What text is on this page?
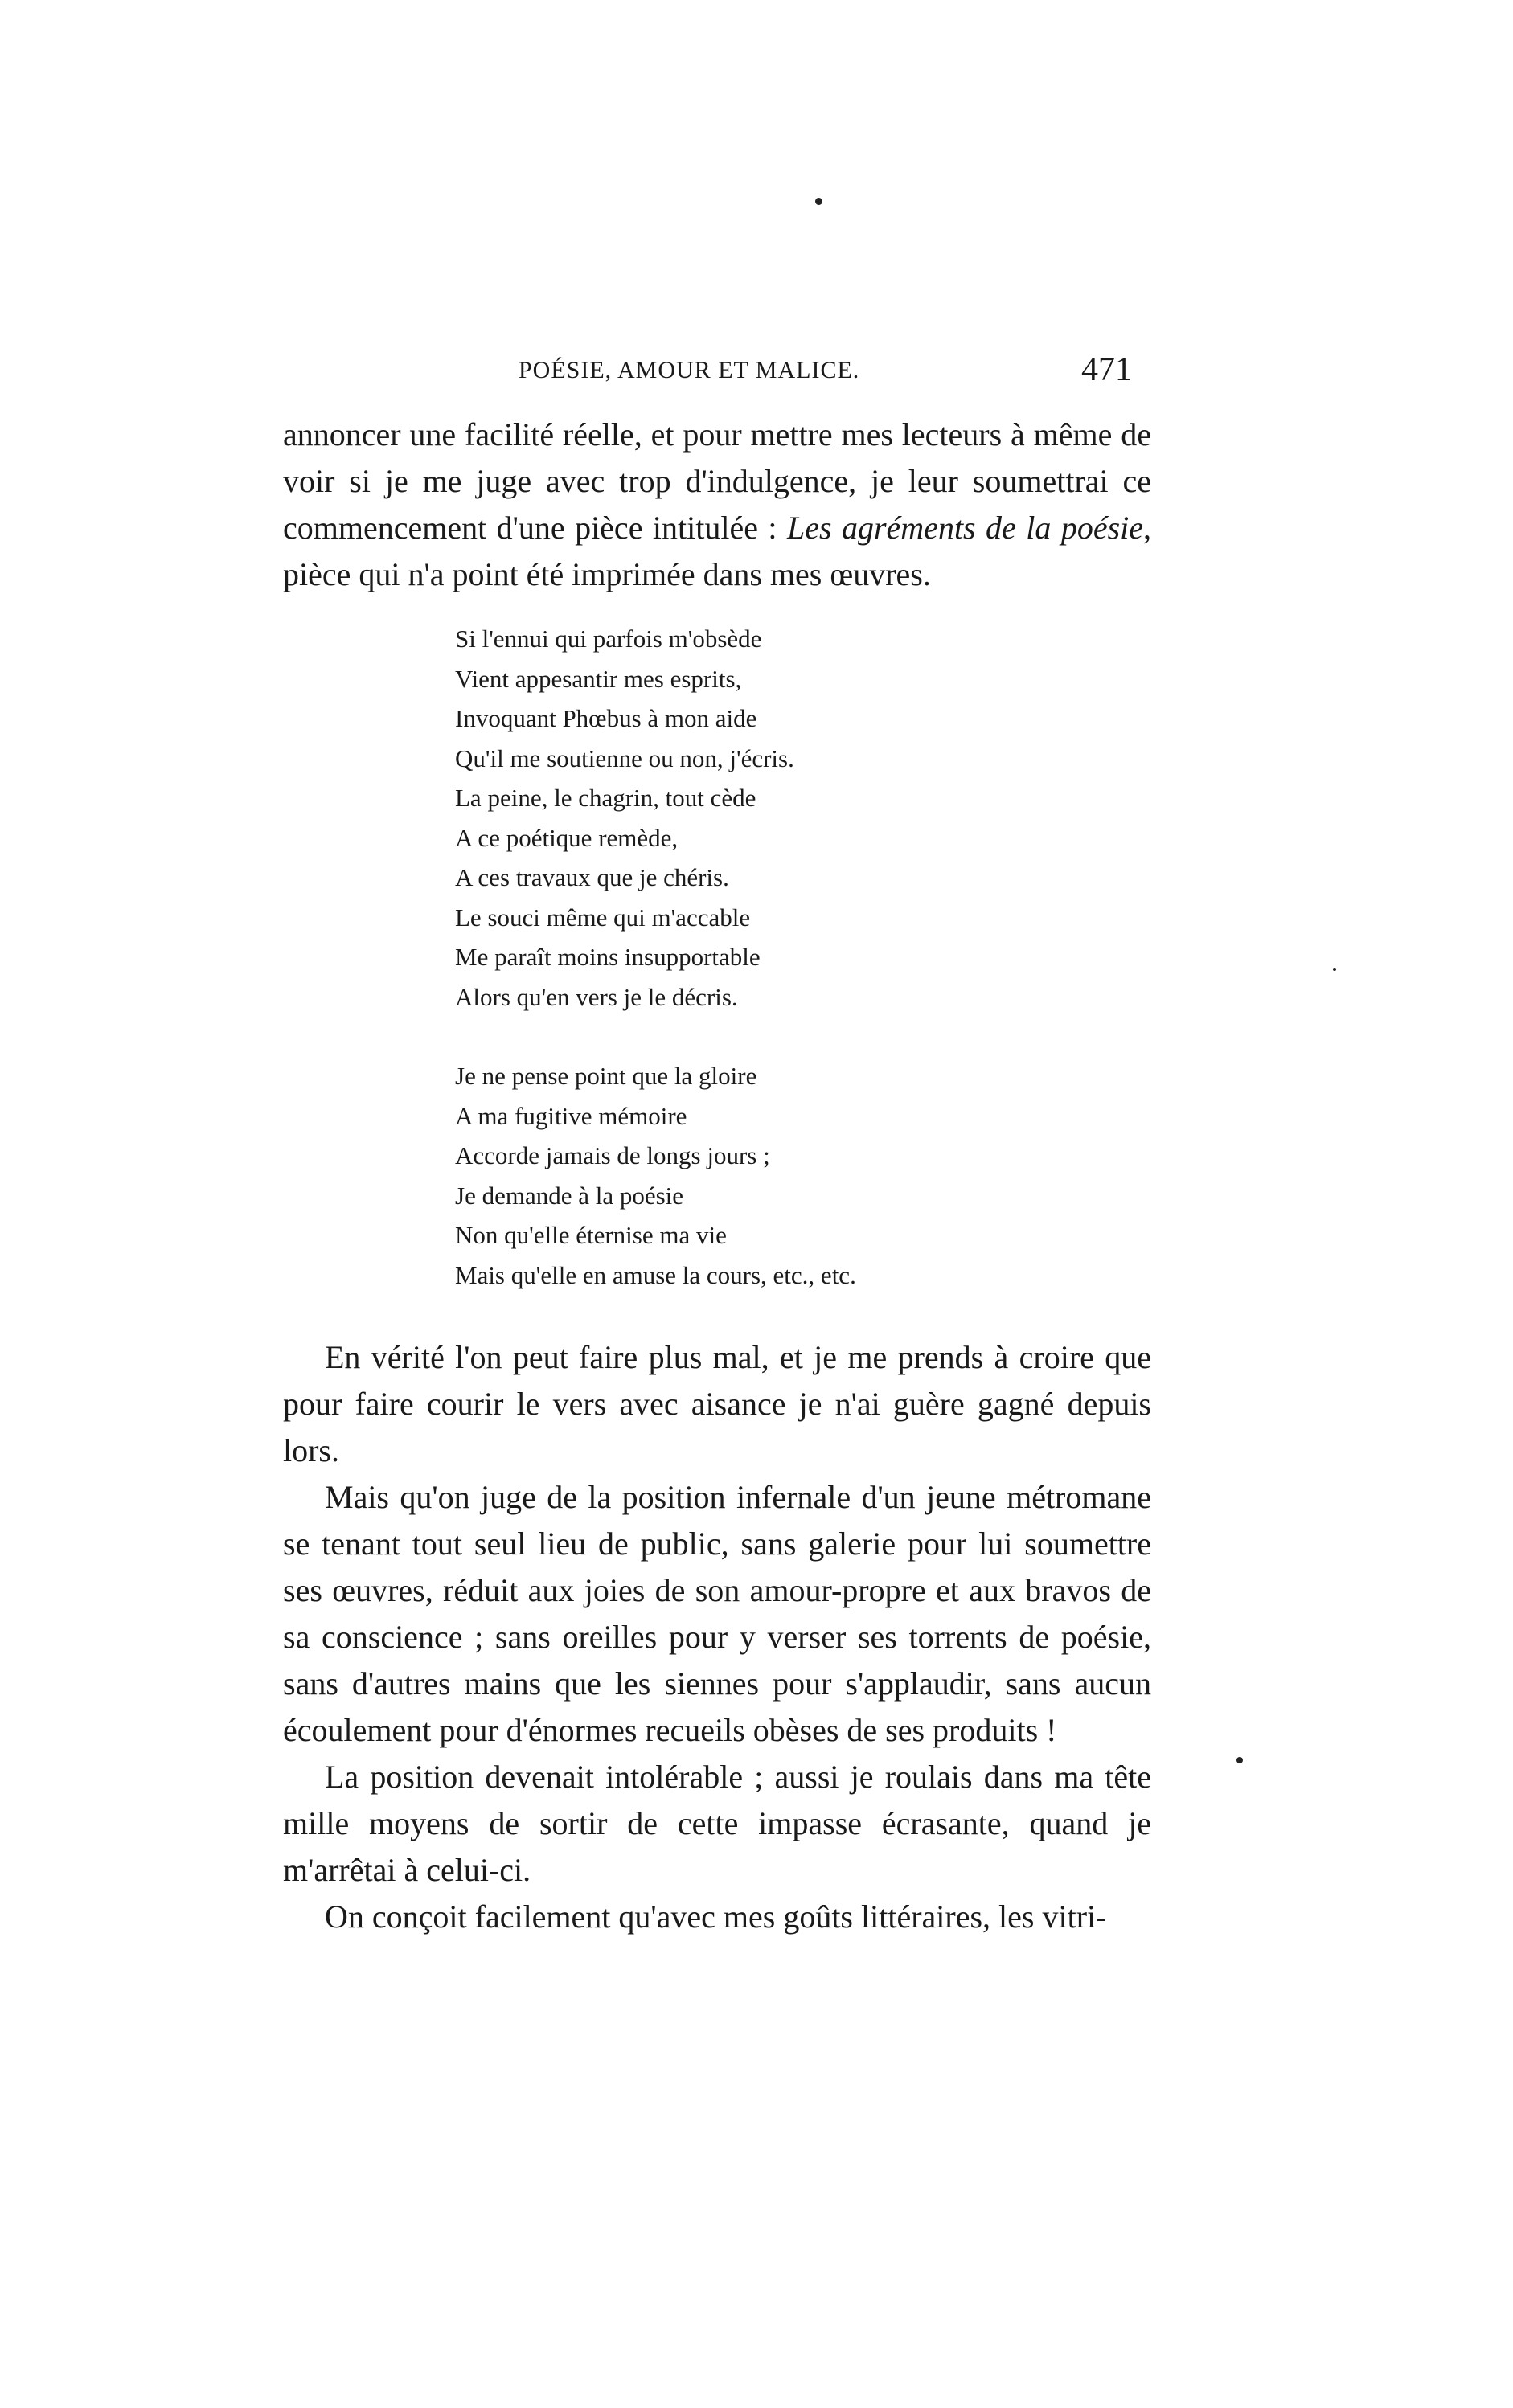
POÉSIE, AMOUR ET MALICE.	471

annoncer une facilité réelle, et pour mettre mes lecteurs à même de voir si je me juge avec trop d'indulgence, je leur soumettrai ce commencement d'une pièce intitulée : Les agréments de la poésie, pièce qui n'a point été imprimée dans mes œuvres.

Si l'ennui qui parfois m'obsède
Vient appesantir mes esprits,
Invoquant Phœbus à mon aide
Qu'il me soutienne ou non, j'écris.
La peine, le chagrin, tout cède
A ce poétique remède,
A ces travaux que je chéris.
Le souci même qui m'accable
Me paraît moins insupportable
Alors qu'en vers je le décris.
Je ne pense point que la gloire
A ma fugitive mémoire
Accorde jamais de longs jours ;
Je demande à la poésie
Non qu'elle éternise ma vie
Mais qu'elle en amuse la cours, etc., etc.

En vérité l'on peut faire plus mal, et je me prends à croire que pour faire courir le vers avec aisance je n'ai guère gagné depuis lors.

Mais qu'on juge de la position infernale d'un jeune métromane se tenant tout seul lieu de public, sans galerie pour lui soumettre ses œuvres, réduit aux joies de son amour-propre et aux bravos de sa conscience ; sans oreilles pour y verser ses torrents de poésie, sans d'autres mains que les siennes pour s'applaudir, sans aucun écoulement pour d'énormes recueils obèses de ses produits !

La position devenait intolérable ; aussi je roulais dans ma tête mille moyens de sortir de cette impasse écrasante, quand je m'arrêtai à celui-ci.

On conçoit facilement qu'avec mes goûts littéraires, les vitri-
